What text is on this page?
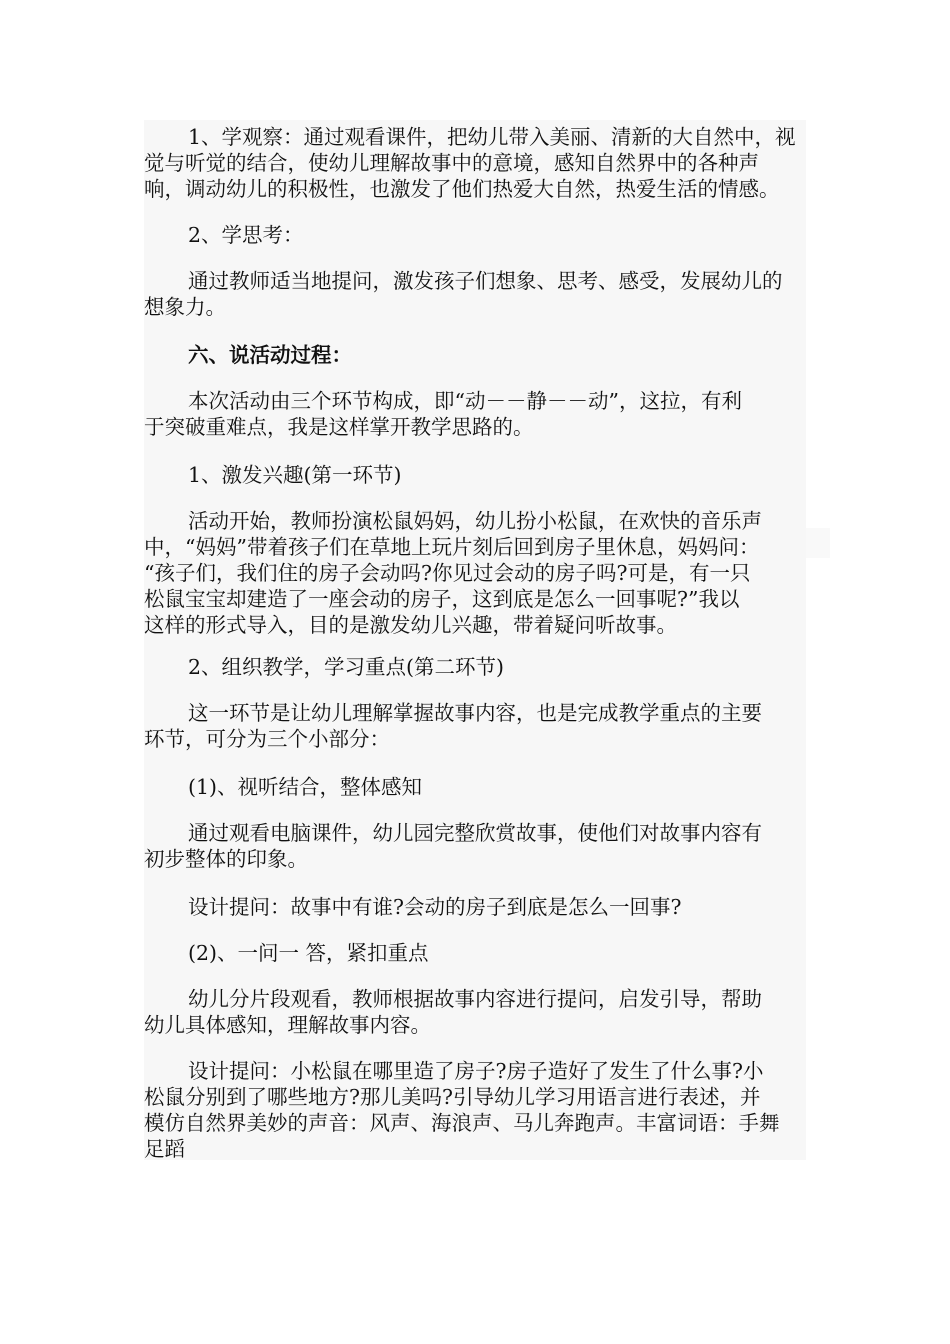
1、学观察：通过观看课件，把幼儿带入美丽、清新的大自然中，视
觉与听觉的结合，使幼儿理解故事中的意境，感知自然界中的各种声
响，调动幼儿的积极性，也激发了他们热爱大自然，热爱生活的情感。

2、学思考：

通过教师适当地提问，激发孩子们想象、思考、感受，发展幼儿的
想象力。

六、说活动过程：

本次活动由三个环节构成，即“动－－静－－动”，这拉，有利
于突破重难点，我是这样掌开教学思路的。

1、激发兴趣(第一环节)

活动开始，教师扮演松鼠妈妈，幼儿扮小松鼠，在欢快的音乐声
中，“妈妈”带着孩子们在草地上玩片刻后回到房子里休息，妈妈问：
“孩子们，我们住的房子会动吗?你见过会动的房子吗?可是，有一只
松鼠宝宝却建造了一座会动的房子，这到底是怎么一回事呢?”我以
这样的形式导入，目的是激发幼儿兴趣，带着疑问听故事。

2、组织教学，学习重点(第二环节)

这一环节是让幼儿理解掌握故事内容，也是完成教学重点的主要
环节，可分为三个小部分：

(1)、视听结合，整体感知

通过观看电脑课件，幼儿园完整欣赏故事，使他们对故事内容有
初步整体的印象。

设计提问：故事中有谁?会动的房子到底是怎么一回事?

(2)、一问一 答，紧扣重点

幼儿分片段观看，教师根据故事内容进行提问，启发引导，帮助
幼儿具体感知，理解故事内容。

设计提问：小松鼠在哪里造了房子?房子造好了发生了什么事?小
松鼠分别到了哪些地方?那儿美吗?引导幼儿学习用语言进行表述，并
模仿自然界美妙的声音：风声、海浪声、马儿奔跑声。丰富词语：手舞
足蹈
